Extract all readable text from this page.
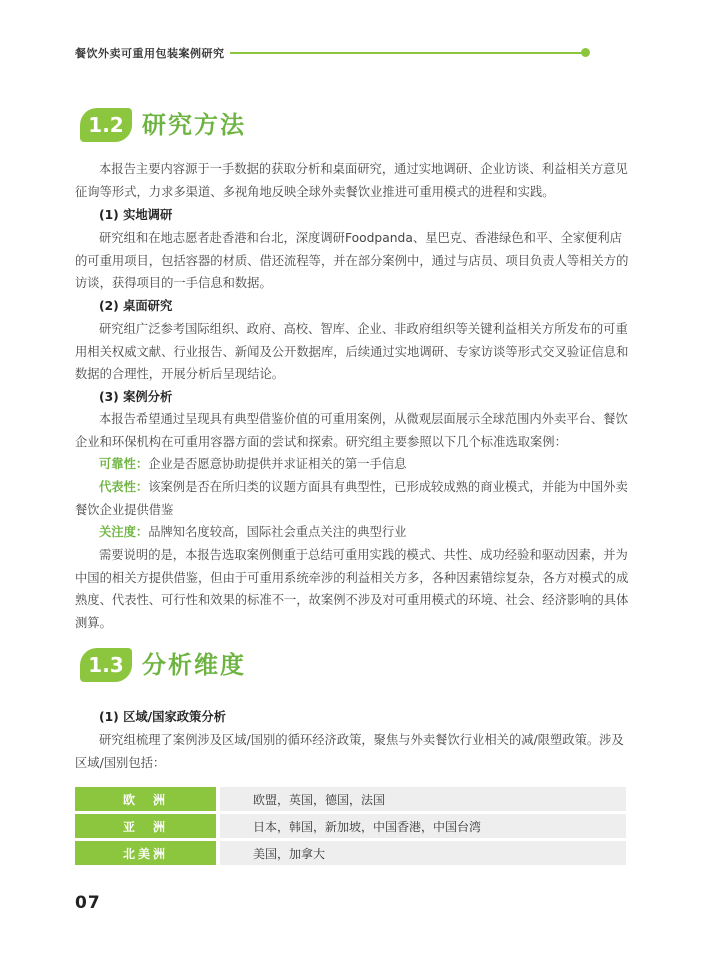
餐饮外卖可重用包装案例研究
1.2 研究方法

本报告主要内容源于一手数据的获取分析和桌面研究，通过实地调研、企业访谈、利益相关方意见征询等形式，力求多渠道、多视角地反映全球外卖餐饮业推进可重用模式的进程和实践。

(1) 实地调研

研究组和在地志愿者赴香港和台北，深度调研Foodpanda、星巴克、香港绿色和平、全家便利店的可重用项目，包括容器的材质、借还流程等，并在部分案例中，通过与店员、项目负责人等相关方的访谈，获得项目的一手信息和数据。

(2) 桌面研究

研究组广泛参考国际组织、政府、高校、智库、企业、非政府组织等关键利益相关方所发布的可重用相关权威文献、行业报告、新闻及公开数据库，后续通过实地调研、专家访谈等形式交叉验证信息和数据的合理性，开展分析后呈现结论。

(3) 案例分析

本报告希望通过呈现具有典型借鉴价值的可重用案例，从微观层面展示全球范围内外卖平台、餐饮企业和环保机构在可重用容器方面的尝试和探索。研究组主要参照以下几个标准选取案例：

可靠性：企业是否愿意协助提供并求证相关的第一手信息

代表性：该案例是否在所归类的议题方面具有典型性，已形成较成熟的商业模式，并能为中国外卖餐饮企业提供借鉴

关注度：品牌知名度较高，国际社会重点关注的典型行业

需要说明的是，本报告选取案例侧重于总结可重用实践的模式、共性、成功经验和驱动因素，并为中国的相关方提供借鉴，但由于可重用系统牵涉的利益相关方多，各种因素错综复杂，各方对模式的成熟度、代表性、可行性和效果的标准不一，故案例不涉及对可重用模式的环境、社会、经济影响的具体测算。

1.3 分析维度

(1) 区域/国家政策分析

研究组梳理了案例涉及区域/国别的循环经济政策，聚焦与外卖餐饮行业相关的减/限塑政策。涉及区域/国别包括：

欧　洲		欧盟，英国，德国，法国
亚　洲		日本，韩国，新加坡，中国香港，中国台湾
北美洲		美国，加拿大
07
